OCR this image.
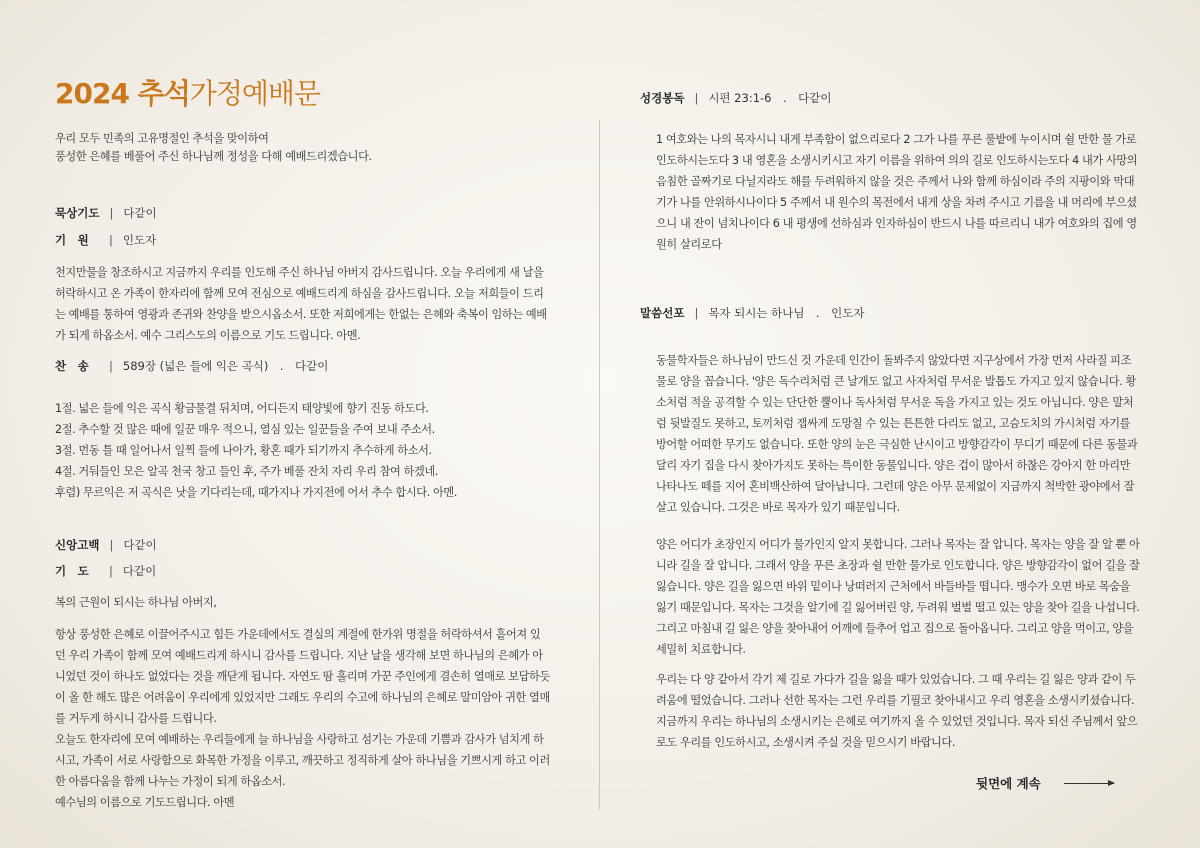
2024 추석가정예배문

우리 모두 민족의 고유명절인 추석을 맞이하여

풍성한 은혜를 베풀어 주신 하나님께 정성을 다해 예배드리겠습니다.

묵상기도 | 다같이
기　원 | 인도자

천지만물을 창조하시고 지금까지 우리를 인도해 주신 하나님 아버지 감사드립니다. 오늘 우리에게 새 날을 허락하시고 온 가족이 한자리에 함께 모여 전심으로 예배드리게 하심을 감사드립니다. 오늘 저희들이 드리는 예배를 통하여 영광과 존귀와 찬양을 받으시옵소서. 또한 저희에게는 한없는 은혜와 축복이 임하는 예배가 되게 하옵소서. 예수 그리스도의 이름으로 기도 드립니다. 아멘.

찬　송 | 589장 (넓은 들에 익은 곡식)　.　다같이
1절. 넓은 들에 익은 곡식 황금물결 뒤치며, 어디든지 태양빛에 향기 진동 하도다.
2절. 추수할 것 많은 때에 일꾼 매우 적으니, 열심 있는 일꾼들을 주여 보내 주소서.
3절. 먼동 틀 때 일어나서 일찍 들에 나아가, 황혼 때가 되기까지 추수하게 하소서.
4절. 거둬들인 모은 알곡 천국 창고 들인 후, 주가 베풀 잔치 자리 우리 참여 하겠네.
후렴) 무르익은 저 곡식은 낫을 기다리는데, 때가지나 가지전에 어서 추수 합시다. 아멘.
신앙고백 | 다같이
기　도 | 다같이

복의 근원이 되시는 하나님 아버지,

항상 풍성한 은혜로 이끌어주시고 힘든 가운데에서도 결실의 계절에 한가위 명절을 허락하셔서 흩어져 있던 우리 가족이 함께 모여 예배드리게 하시니 감사를 드립니다. 지난 날을 생각해 보면 하나님의 은혜가 아니었던 것이 하나도 없었다는 것을 깨닫게 됩니다. 자연도 땀 흘리며 가꾼 주인에게 겸손히 열매로 보답하듯이 올 한 해도 많은 어려움이 우리에게 있었지만 그래도 우리의 수고에 하나님의 은혜로 말미암아 귀한 열매를 거두게 하시니 감사를 드립니다.

오늘도 한자리에 모여 예배하는 우리들에게 늘 하나님을 사랑하고 섬기는 가운데 기쁨과 감사가 넘치게 하시고, 가족이 서로 사랑함으로 화목한 가정을 이루고, 깨끗하고 정직하게 살아 하나님을 기쁘시게 하고 이러한 아름다움을 함께 나누는 가정이 되게 하옵소서.

예수님의 이름으로 기도드립니다. 아멘

성경봉독 | 시편 23:1-6　.　다같이

1 여호와는 나의 목자시니 내게 부족함이 없으리로다 2 그가 나를 푸른 풀밭에 누이시며 쉴 만한 물 가로 인도하시는도다 3 내 영혼을 소생시키시고 자기 이름을 위하여 의의 길로 인도하시는도다 4 내가 사망의 음침한 골짜기로 다닐지라도 해를 두려워하지 않을 것은 주께서 나와 함께 하심이라 주의 지팡이와 막대기가 나를 안위하시나이다 5 주께서 내 원수의 목전에서 내게 상을 차려 주시고 기름을 내 머리에 부으셨으니 내 잔이 넘치나이다 6 내 평생에 선하심과 인자하심이 반드시 나를 따르리니 내가 여호와의 집에 영원히 살리로다

말씀선포 | 목자 되시는 하나님　.　인도자

동물학자들은 하나님이 만드신 것 가운데 인간이 돌봐주지 않았다면 지구상에서 가장 먼저 사라질 피조물로 양을 꼽습니다. '양은 독수리처럼 큰 날개도 없고 사자처럼 무서운 발톱도 가지고 있지 않습니다. 황소처럼 적을 공격할 수 있는 단단한 뿔이나 독사처럼 무서운 독을 가지고 있는 것도 아닙니다. 양은 말처럼 뒷발질도 못하고, 토끼처럼 잽싸게 도망칠 수 있는 튼튼한 다리도 없고, 고슴도치의 가시처럼 자기를 방어할 어떠한 무기도 없습니다. 또한 양의 눈은 극심한 난시이고 방향감각이 무디기 때문에 다른 동물과 달리 자기 집을 다시 찾아가지도 못하는 특이한 동물입니다. 양은 겁이 많아서 하찮은 강아지 한 마리만 나타나도 떼를 지어 혼비백산하여 달아납니다. 그런데 양은 아무 문제없이 지금까지 척박한 광야에서 잘 살고 있습니다. 그것은 바로 목자가 있기 때문입니다.

양은 어디가 초장인지 어디가 물가인지 알지 못합니다. 그러나 목자는 잘 압니다. 목자는 양을 잘 알 뿐 아니라 길을 잘 압니다. 그래서 양을 푸른 초장과 쉴 만한 물가로 인도합니다. 양은 방향감각이 없어 길을 잘 잃습니다. 양은 길을 잃으면 바위 밑이나 낭떠러지 근처에서 바들바들 떱니다. 맹수가 오면 바로 목숨을 잃기 때문입니다. 목자는 그것을 알기에 길 잃어버린 양, 두려워 벌벌 떨고 있는 양을 찾아 길을 나섭니다. 그리고 마침내 길 잃은 양을 찾아내어 어깨에 들추어 업고 집으로 돌아옵니다. 그리고 양을 먹이고, 양을 세밀히 치료합니다.

우리는 다 양 같아서 각기 제 길로 가다가 길을 잃을 때가 있었습니다. 그 때 우리는 길 잃은 양과 같이 두려움에 떨었습니다. 그러나 선한 목자는 그런 우리를 기필코 찾아내시고 우리 영혼을 소생시키셨습니다. 지금까지 우리는 하나님의 소생시키는 은혜로 여기까지 올 수 있었던 것입니다. 목자 되신 주님께서 앞으로도 우리를 인도하시고, 소생시켜 주실 것을 믿으시기 바랍니다.

뒷면에 계속
